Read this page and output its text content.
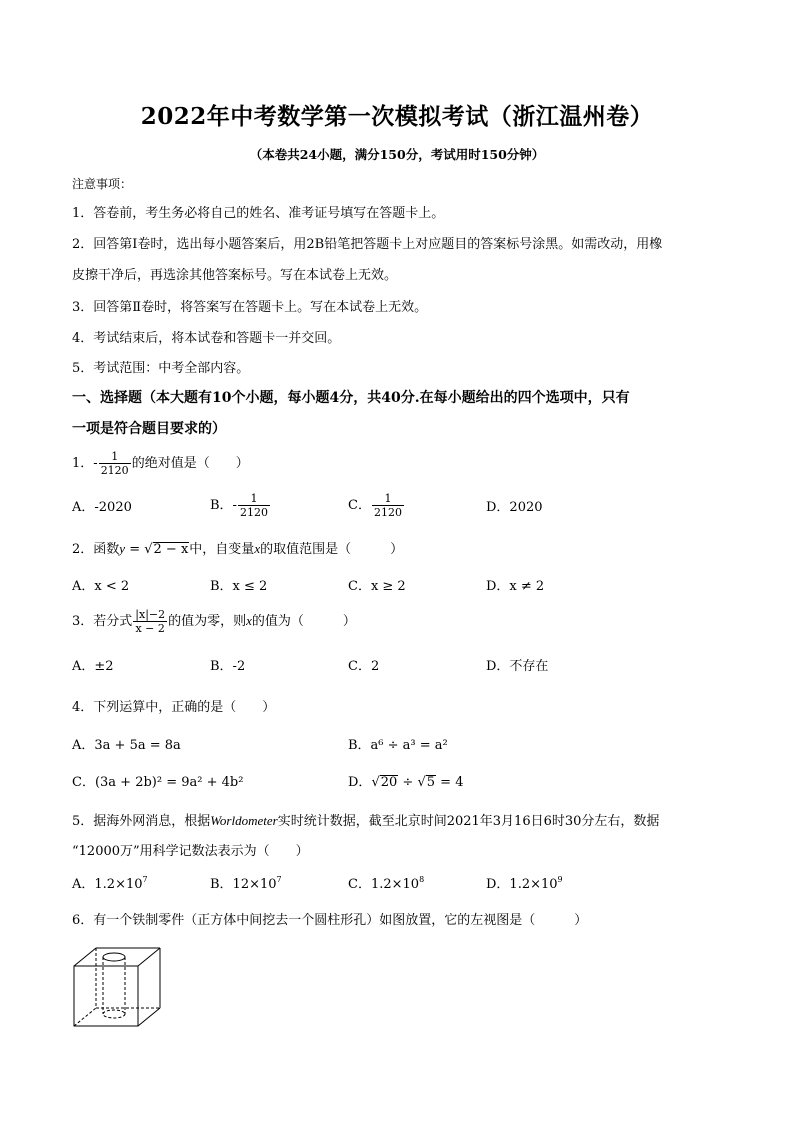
2022年中考数学第一次模拟考试（浙江温州卷）
（本卷共24小题，满分150分，考试用时150分钟）
注意事项：
1．答卷前，考生务必将自己的姓名、准考证号填写在答题卡上。
2．回答第Ⅰ卷时，选出每小题答案后，用2B铅笔把答题卡上对应题目的答案标号涂黑。如需改动，用橡
皮擦干净后，再选涂其他答案标号。写在本试卷上无效。
3．回答第Ⅱ卷时，将答案写在答题卡上。写在本试卷上无效。
4．考试结束后，将本试卷和答题卡一并交回。
5．考试范围：中考全部内容。
一、选择题（本大题有10个小题，每小题4分，共40分.在每小题给出的四个选项中，只有
一项是符合题目要求的）
1．- $\frac{1}{2120}$ 的绝对值是（　　）
A．-2020	B．- $\frac{1}{2120}$	C． $\frac{1}{2120}$	D．2020
2．函数y = √2 − x中，自变量x的取值范围是（　　　）
A．x < 2	B．x ≤ 2	C．x ≥ 2	D．x ≠ 2
3．若分式 $\frac{|x|-2}{x - 2}$ 的值为零，则x的值为（　　　）
A．±2	B．-2	C．2	D．不存在
4．下列运算中，正确的是（　　）
A．3a + 5a = 8a	B．a⁶ ÷ a³ = a²
C．(3a + 2b)² = 9a² + 4b²	D．√20 ÷ √5 = 4
5．据海外网消息，根据Worldometer实时统计数据，截至北京时间2021年3月16日6时30分左右，数据
“12000万”用科学记数法表示为（　　）
A．$1.2\times 10^7$	B．$12\times 10^7$	C．$1.2\times 10^8$	D．$1.2\times 10^9$
6．有一个铁制零件（正方体中间挖去一个圆柱形孔）如图放置，它的左视图是（　　　）
